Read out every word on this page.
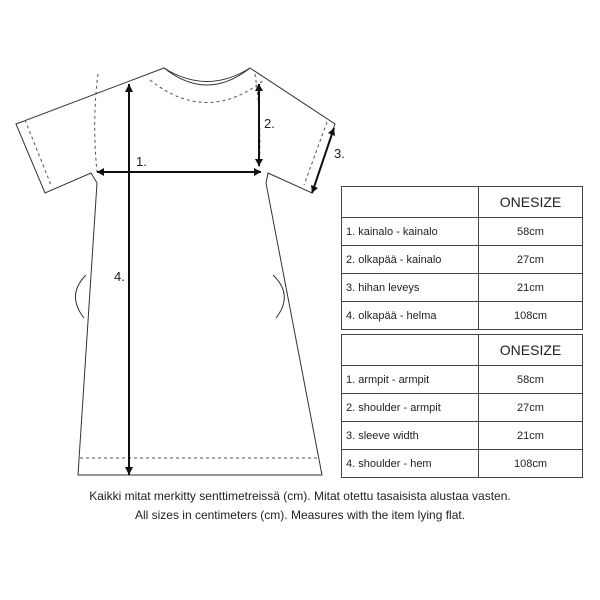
1.
2.
3.
4.
	ONESIZE
1. kainalo - kainalo	58cm
2. olkapää - kainalo	27cm
3. hihan leveys	21cm
4. olkapää - helma	108cm
	ONESIZE
1. armpit - armpit	58cm
2. shoulder - armpit	27cm
3. sleeve width	21cm
4. shoulder - hem	108cm
Kaikki mitat merkitty senttimetreissä (cm). Mitat otettu tasaisista alustaa vasten.
All sizes in centimeters (cm). Measures with the item lying flat.
